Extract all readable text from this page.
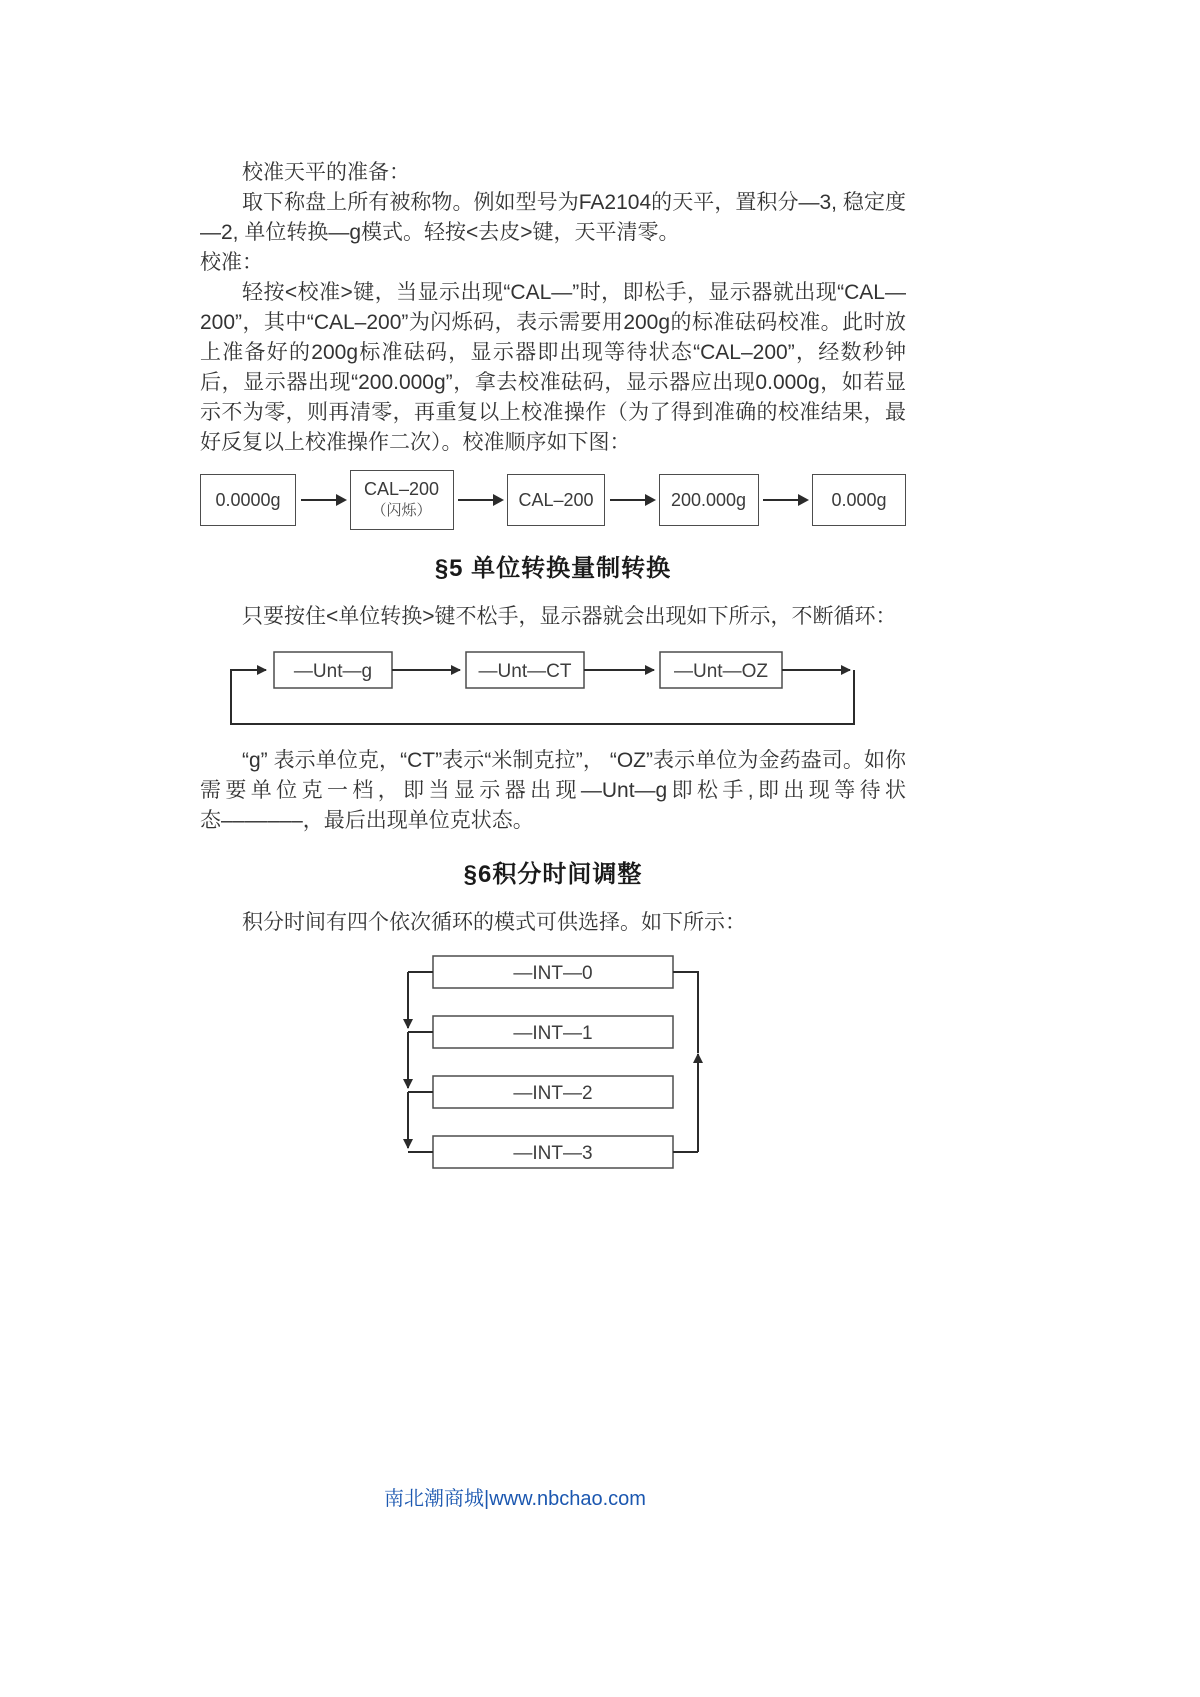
校准天平的准备：

取下称盘上所有被称物。例如型号为FA2104的天平，置积分—3, 稳定度—2, 单位转换—g模式。轻按<去皮>键，天平清零。

校准：

轻按<校准>键，当显示出现“CAL—”时，即松手，显示器就出现“CAL—200”，其中“CAL–200”为闪烁码，表示需要用200g的标准砝码校准。此时放上准备好的200g标准砝码，显示器即出现等待状态“CAL–200”，经数秒钟后，显示器出现“200.000g”，拿去校准砝码，显示器应出现0.000g，如若显示不为零，则再清零，再重复以上校准操作（为了得到准确的校准结果，最好反复以上校准操作二次）。校准顺序如下图：

0.0000g
CAL–200
（闪烁）
CAL–200	200.000g	0.000g
§5 单位转换量制转换

只要按住<单位转换>键不松手，显示器就会出现如下所示，不断循环：

—Unt—g	—Unt—CT	—Unt—OZ

“g” 表示单位克，“CT”表示“米制克拉”， “OZ”表示单位为金药盎司。如你需要单位克一档，即当显示器出现—Unt—g即松手,即出现等待状态–––––––，最后出现单位克状态。

§6积分时间调整

积分时间有四个依次循环的模式可供选择。如下所示：

—INT—0
—INT—1
—INT—2
—INT—3
南北潮商城|www.nbchao.com
